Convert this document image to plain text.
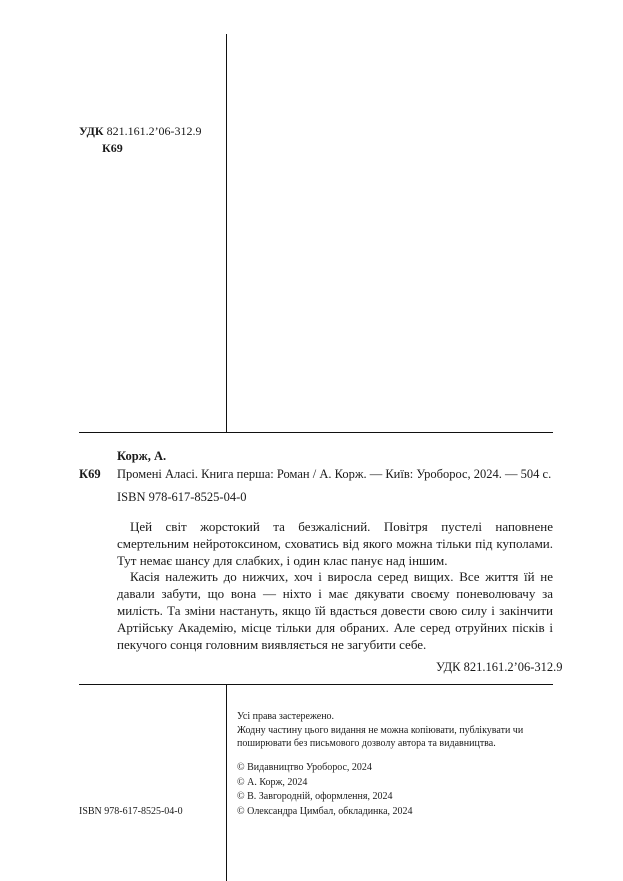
УДК 821.161.2’06-312.9
К69
Корж, А.
К69 Промені Аласі. Книга перша: Роман / А. Корж. — Київ: Уроборос, 2024. — 504 с.
ISBN 978-617-8525-04-0

Цей світ жорстокий та безжалісний. Повітря пустелі наповнене смертельним нейротоксином, сховатись від якого можна тільки під куполами. Тут немає шансу для слабких, і один клас панує над іншим.

Касія належить до нижчих, хоч і виросла серед вищих. Все життя їй не давали забути, що вона — ніхто і має дякувати своєму поневолювачу за милість. Та зміни настануть, якщо їй вдасться довести свою силу і закінчити Артійську Академію, місце тільки для обраних. Але серед отруйних пісків і пекучого сонця головним виявляється не загубити себе.

УДК 821.161.2’06-312.9
Усі права застережено.
Жодну частину цього видання не можна копіювати, публікувати чи
поширювати без письмового дозволу автора та видавництва.
© Видавництво Уроборос, 2024
© А. Корж, 2024
© В. Завгородній, оформлення, 2024
© Олександра Цимбал, обкладинка, 2024
ISBN 978-617-8525-04-0
